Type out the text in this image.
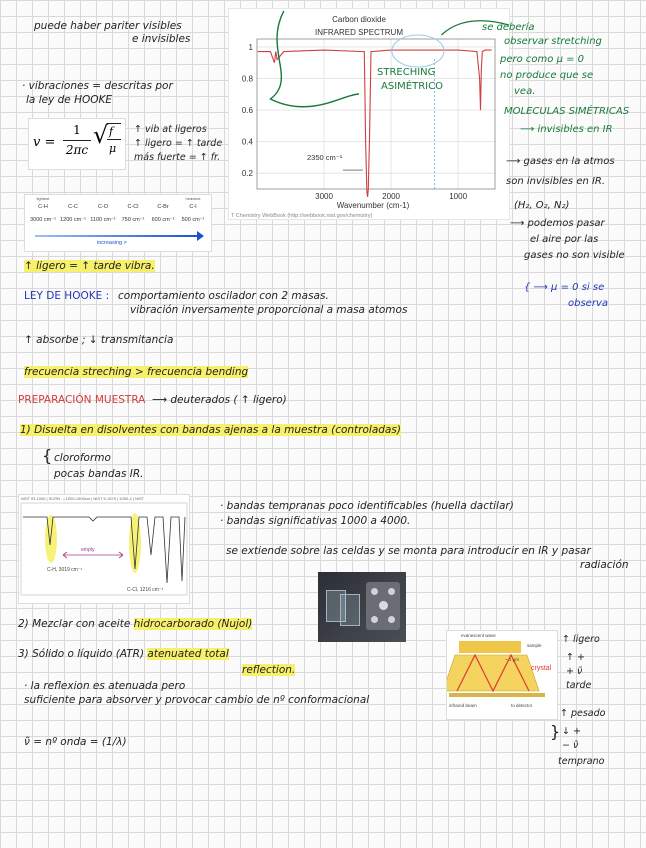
puede haber pariter visibles
e invisibles
· vibraciones = descritas por
la ley de HOOKE
v =
1
2πc
√ f
μ
↑ vib at ligeros
↑ ligero = ↑ tarde
más fuerte = ↑ fr.
lightest	heaviest
C-H	C-C	C-O	C-Cl	C-Br	C-I
3000 cm⁻¹ 1200 cm⁻¹ 1100 cm⁻¹	750 cm⁻¹	600 cm⁻¹	500 cm⁻¹
increasing >
Carbon dioxide
INFRARED SPECTRUM
3000	2000	1000
1
0.8
0.6
0.4
0.2
Wavenumber (cm-1)
2350 cm⁻¹
T Chemistry WebBook (http://webbook.nist.gov/chemistry)
STRECHING
ASIMÉTRICO
se debería
observar stretching
pero como μ = 0
no produce que se
vea.
MOLECULAS SIMÉTRICAS
⟶ invisibles en IR
⟶ gases en la atmos
son invisibles en IR.
(H₂, O₂, N₂)
⟶ podemos pasar
el aire por las
gases no son visible
{ ⟶ μ = 0 si se
observa
↑ ligero = ↑ tarde vibra.
LEY DE HOOKE : comportamiento oscilador con 2 masas.
vibración inversamente proporcional a masa atomos
↑ absorbe ; ↓ transmitancia
frecuencia streching > frecuencia bending
PREPARACIÓN MUESTRA ⟶ deuterados ( ↑ ligero)
1) Disuelta en disolventes con bandas ajenas a la muestra (controladas)
{ cloroformo
pocas bandas IR.
NIST IR-1000 | SCRN - | 1000-1900cm | NIST 5-1679 | 1000-2 | NIST
empty
C-H, 3019 cm⁻¹
C-Cl, 1216 cm⁻¹
· bandas tempranas poco identificables (huella dactilar)
· bandas significativas 1000 a 4000.
se extiende sobre las celdas y se monta para introducir en IR y pasar
radiación
2) Mezclar con aceite hidrocarborado (Nujol)
3) Sólido o líquido (ATR) atenuated total
reflection.
· la reflexion es atenuada pero
suficiente para absorver y provocar cambio de nº conformacional
ν̃ = nº onda = (1/λ)
evanescent wave
~ 1 μm
crystal
infrared beam	to detector
sample
↑ ligero
↑ +
+ ν̃
tarde
↑ pesado
} ↓ +
− ν̃
temprano
